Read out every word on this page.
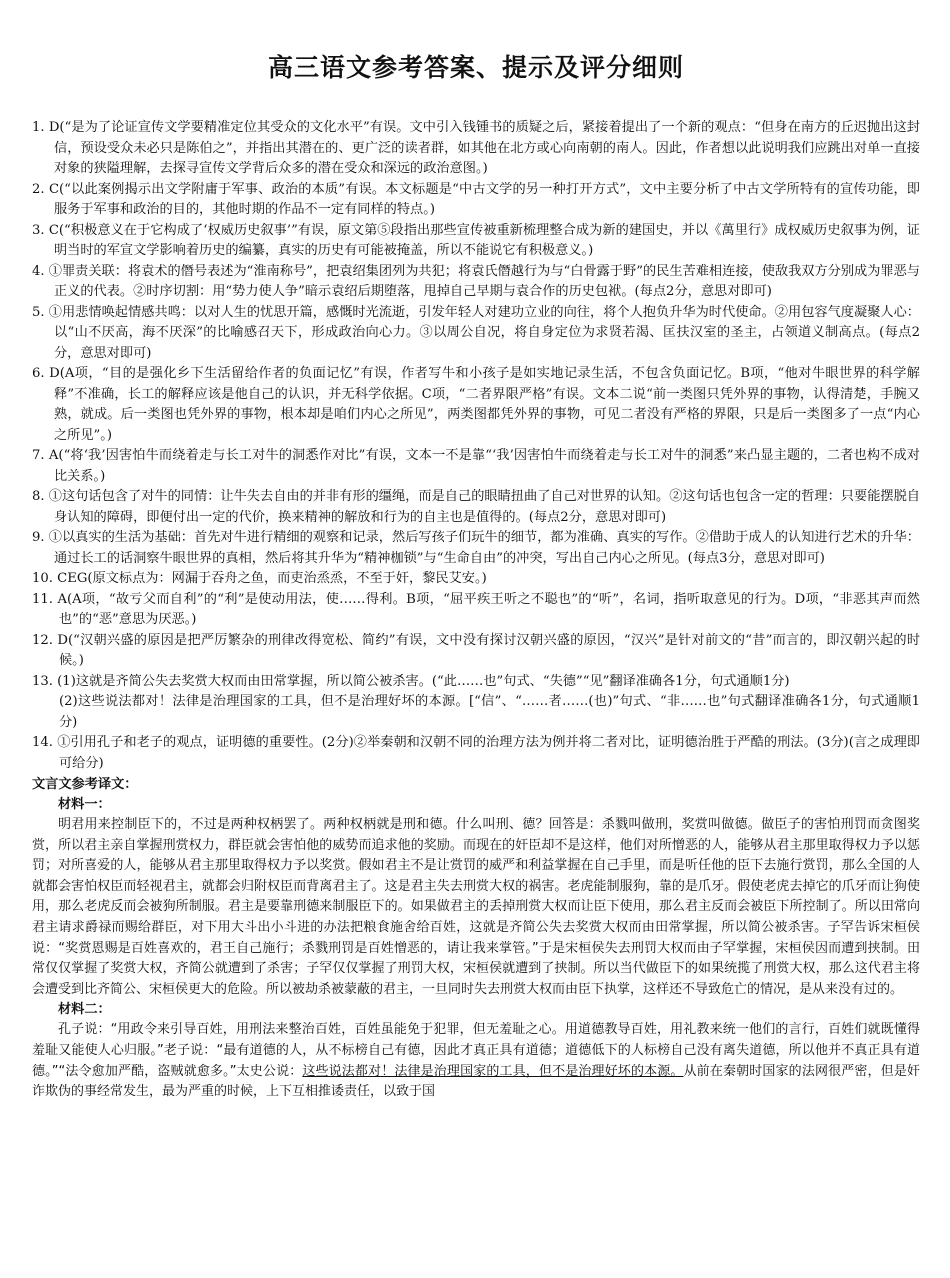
高三语文参考答案、提示及评分细则

1. D(“是为了论证宣传文学要精准定位其受众的文化水平”有误。文中引入钱锺书的质疑之后，紧接着提出了一个新的观点：“但身在南方的丘迟抛出这封信，预设受众未必只是陈伯之”，并指出其潜在的、更广泛的读者群，如其他在北方或心向南朝的南人。因此，作者想以此说明我们应跳出对单一直接对象的狭隘理解，去探寻宣传文学背后众多的潜在受众和深远的政治意图。)

2. C(“以此案例揭示出文学附庸于军事、政治的本质”有误。本文标题是“中古文学的另一种打开方式”，文中主要分析了中古文学所特有的宣传功能，即服务于军事和政治的目的，其他时期的作品不一定有同样的特点。)

3. C(“积极意义在于它构成了‘权威历史叙事’”有误，原文第⑤段指出那些宣传被重新梳理整合成为新的建国史，并以《萬里行》成权威历史叙事为例，证明当时的军宣文学影响着历史的编纂，真实的历史有可能被掩盖，所以不能说它有积极意义。)

4. ①罪责关联：将袁术的僭号表述为“淮南称号”，把袁绍集团列为共犯；将袁氏僭越行为与“白骨露于野”的民生苦难相连接，使敌我双方分别成为罪恶与正义的代表。②时序切割：用“势力使人争”暗示袁绍后期堕落，甩掉自己早期与袁合作的历史包袱。(每点2分，意思对即可)

5. ①用悲情唤起情感共鸣：以对人生的忧思开篇，感慨时光流逝，引发年轻人对建功立业的向往，将个人抱负升华为时代使命。②用包容气度凝聚人心：以“山不厌高，海不厌深”的比喻感召天下，形成政治向心力。③以周公自况，将自身定位为求贤若渴、匡扶汉室的圣主，占领道义制高点。(每点2分，意思对即可)

6. D(A项，“目的是强化乡下生活留给作者的负面记忆”有误，作者写牛和小孩子是如实地记录生活，不包含负面记忆。B项，“他对牛眼世界的科学解释”不准确，长工的解释应该是他自己的认识，并无科学依据。C项，“二者界限严格”有误。文本二说“前一类图只凭外界的事物，认得清楚，手腕又熟，就成。后一类图也凭外界的事物，根本却是咱们内心之所见”，两类图都凭外界的事物，可见二者没有严格的界限，只是后一类图多了一点“内心之所见”。)

7. A(“将‘我’因害怕牛而绕着走与长工对牛的洞悉作对比”有误，文本一不是靠“‘我’因害怕牛而绕着走与长工对牛的洞悉”来凸显主题的，二者也构不成对比关系。)

8. ①这句话包含了对牛的同情：让牛失去自由的并非有形的缰绳，而是自己的眼睛扭曲了自己对世界的认知。②这句话也包含一定的哲理：只要能摆脱自身认知的障碍，即便付出一定的代价，换来精神的解放和行为的自主也是值得的。(每点2分，意思对即可)

9. ①以真实的生活为基础：首先对牛进行精细的观察和记录，然后写孩子们玩牛的细节，都为准确、真实的写作。②借助于成人的认知进行艺术的升华：通过长工的话洞察牛眼世界的真相，然后将其升华为“精神枷锁”与“生命自由”的冲突，写出自己内心之所见。(每点3分，意思对即可)

10. CEG(原文标点为：网漏于吞舟之鱼，而吏治烝烝，不至于奸，黎民艾安。)

11. A(A项，“故亏父而自利”的“利”是使动用法，使……得利。B项，“屈平疾王听之不聪也”的“听”，名词，指听取意见的行为。D项，“非恶其声而然也”的“恶”意思为厌恶。)

12. D(“汉朝兴盛的原因是把严厉繁杂的刑律改得宽松、简约”有误，文中没有探讨汉朝兴盛的原因，“汉兴”是针对前文的“昔”而言的，即汉朝兴起的时候。)

13. (1)这就是齐简公失去奖赏大权而由田常掌握，所以简公被杀害。(“此……也”句式、“失德”“见”翻译准确各1分，句式通顺1分)

(2)这些说法都对！法律是治理国家的工具，但不是治理好坏的本源。[“信”、“……者……(也)”句式、“非……也”句式翻译准确各1分，句式通顺1分)

14. ①引用孔子和老子的观点，证明德的重要性。(2分)②举秦朝和汉朝不同的治理方法为例并将二者对比，证明德治胜于严酷的刑法。(3分)(言之成理即可给分)

文言文参考译文：

材料一：

明君用来控制臣下的，不过是两种权柄罢了。两种权柄就是刑和德。什么叫刑、德？回答是：杀戮叫做刑，奖赏叫做德。做臣子的害怕刑罚而贪图奖赏，所以君主亲自掌握刑赏权力，群臣就会害怕他的威势而追求他的奖励。而现在的奸臣却不是这样，他们对所憎恶的人，能够从君主那里取得权力予以惩罚；对所喜爱的人，能够从君主那里取得权力予以奖赏。假如君主不是让赏罚的威严和利益掌握在自己手里，而是听任他的臣下去施行赏罚，那么全国的人就都会害怕权臣而轻视君主，就都会归附权臣而背离君主了。这是君主失去刑赏大权的祸害。老虎能制服狗，靠的是爪牙。假使老虎去掉它的爪牙而让狗使用，那么老虎反而会被狗所制服。君主是要靠刑德来制服臣下的。如果做君主的丢掉刑赏大权而让臣下使用，那么君主反而会被臣下所控制了。所以田常向君主请求爵禄而赐给群臣，对下用大斗出小斗进的办法把粮食施舍给百姓，这就是齐简公失去奖赏大权而由田常掌握，所以简公被杀害。子罕告诉宋桓侯说：“奖赏恩赐是百姓喜欢的，君王自己施行；杀戮刑罚是百姓憎恶的，请让我来掌管。”于是宋桓侯失去刑罚大权而由子罕掌握，宋桓侯因而遭到挟制。田常仅仅掌握了奖赏大权，齐简公就遭到了杀害；子罕仅仅掌握了刑罚大权，宋桓侯就遭到了挟制。所以当代做臣下的如果统揽了刑赏大权，那么这代君主将会遭受到比齐简公、宋桓侯更大的危险。所以被劫杀被蒙蔽的君主，一旦同时失去刑赏大权而由臣下执掌，这样还不导致危亡的情况，是从来没有过的。

材料二：

孔子说：“用政令来引导百姓，用刑法来整治百姓，百姓虽能免于犯罪，但无羞耻之心。用道德教导百姓，用礼教来统一他们的言行，百姓们就既懂得羞耻又能使人心归服。”老子说：“最有道德的人，从不标榜自己有德，因此才真正具有道德；道德低下的人标榜自己没有离失道德，所以他并不真正具有道德。”“法令愈加严酷，盗贼就愈多。”太史公说：这些说法都对！法律是治理国家的工具，但不是治理好坏的本源。从前在秦朝时国家的法网很严密，但是奸诈欺伪的事经常发生，最为严重的时候，上下互相推诿责任，以致于国
